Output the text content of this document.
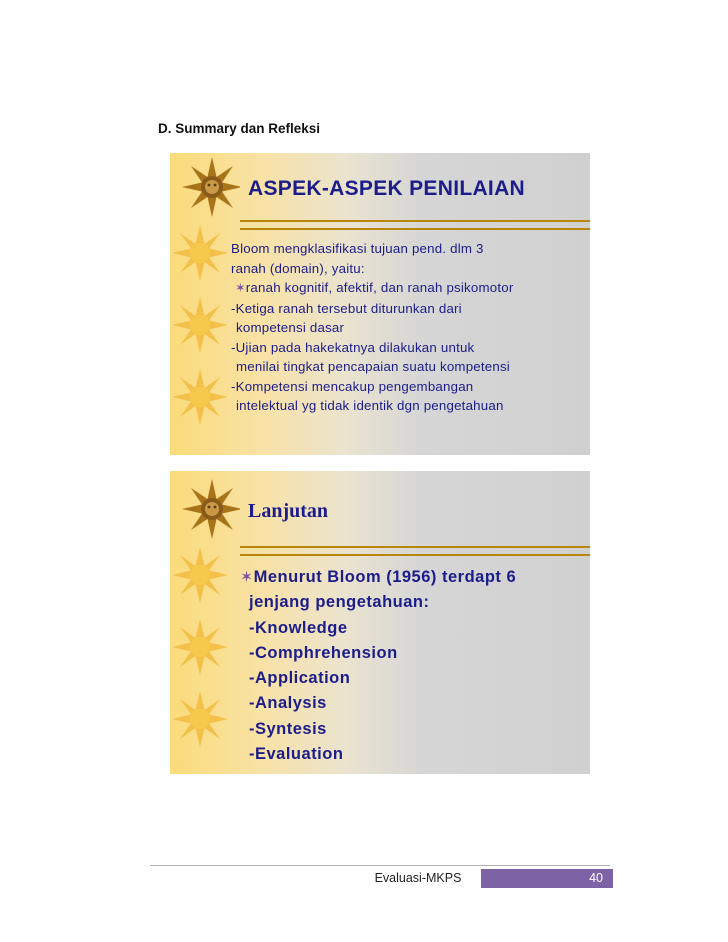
D. Summary dan Refleksi
ASPEK-ASPEK PENILAIAN
Bloom mengklasifikasi tujuan pend. dlm 3
ranah (domain), yaitu:
✶ranah kognitif, afektif, dan ranah psikomotor
-Ketiga ranah tersebut diturunkan dari
kompetensi dasar
-Ujian pada hakekatnya dilakukan untuk
menilai tingkat pencapaian suatu kompetensi
-Kompetensi mencakup pengembangan
intelektual yg tidak identik dgn pengetahuan
Lanjutan
✶Menurut Bloom (1956) terdapt 6
jenjang pengetahuan:
-Knowledge
-Comphrehension
-Application
-Analysis
-Syntesis
-Evaluation
Evaluasi-MKPS	40
